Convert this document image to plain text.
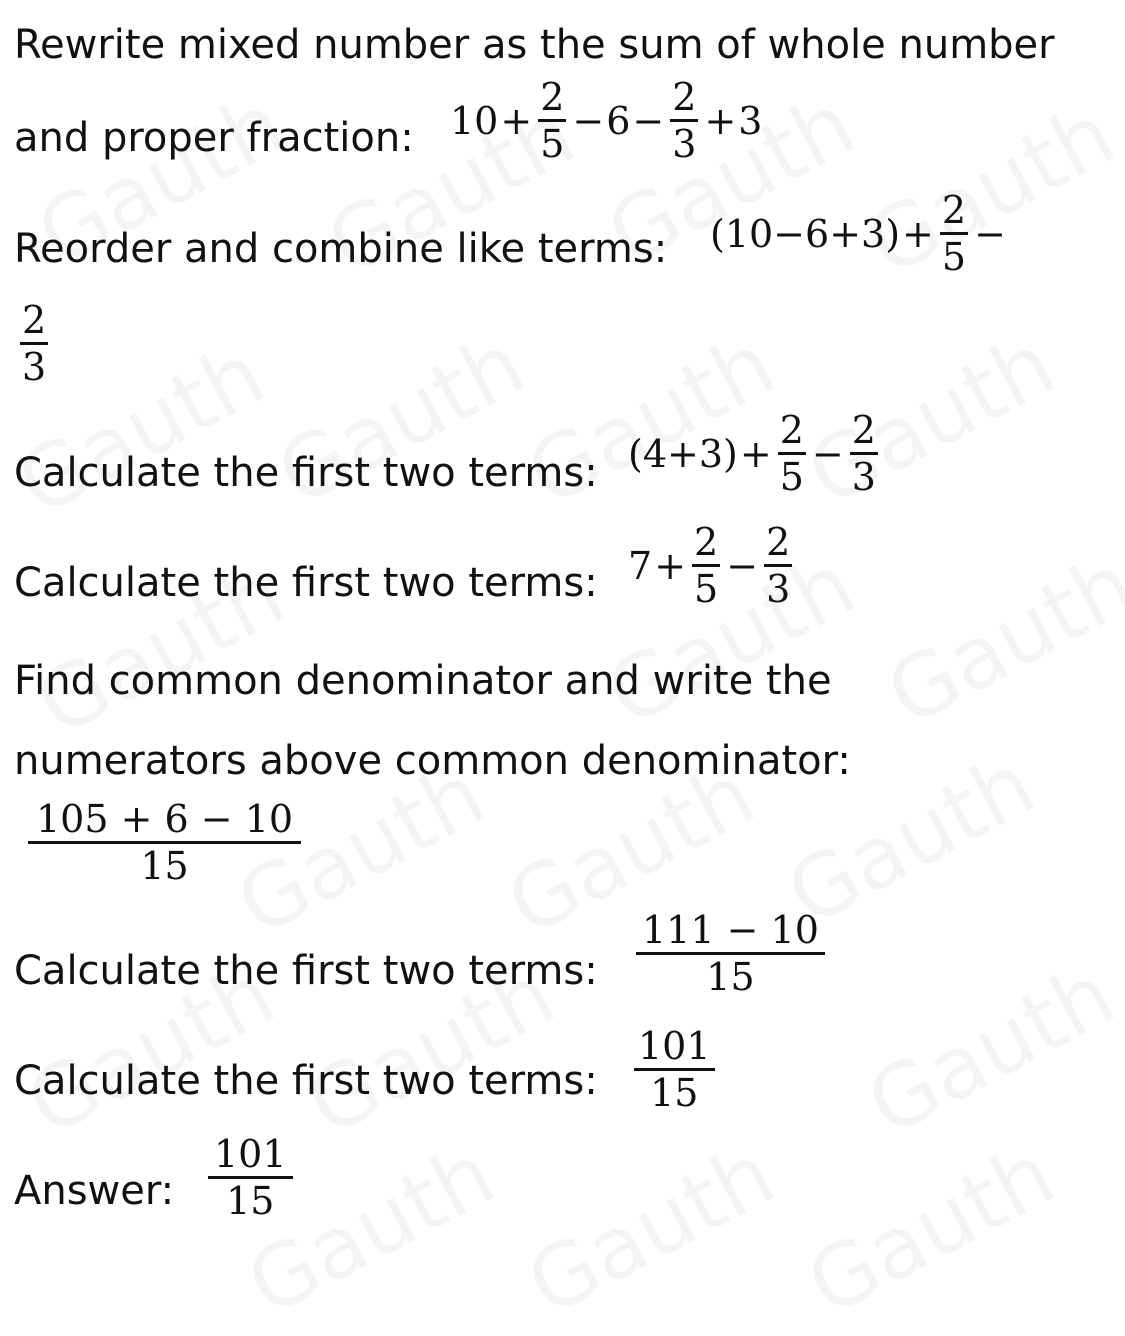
Rewrite mixed number as the sum of whole number
and proper fraction: $10 + \frac{2}{5} - 6 - \frac{2}{3} + 3$
Reorder and combine like terms:	$(10-6+3) + \frac{2}{5}$ −
$\frac{2}{3}$
Calculate the first two terms: $(4+3) + \frac{2}{5} - \frac{2}{3}$
Calculate the first two terms: $7 + \frac{2}{5} - \frac{2}{3}$
Find common denominator and write the
numerators above common denominator:
$\frac{105 + 6 - 10}{15}$
Calculate the first two terms:	$\frac{111 - 10}{15}$
Calculate the first two terms: $\frac{101}{15}$
Answer: $\frac{101}{15}$
